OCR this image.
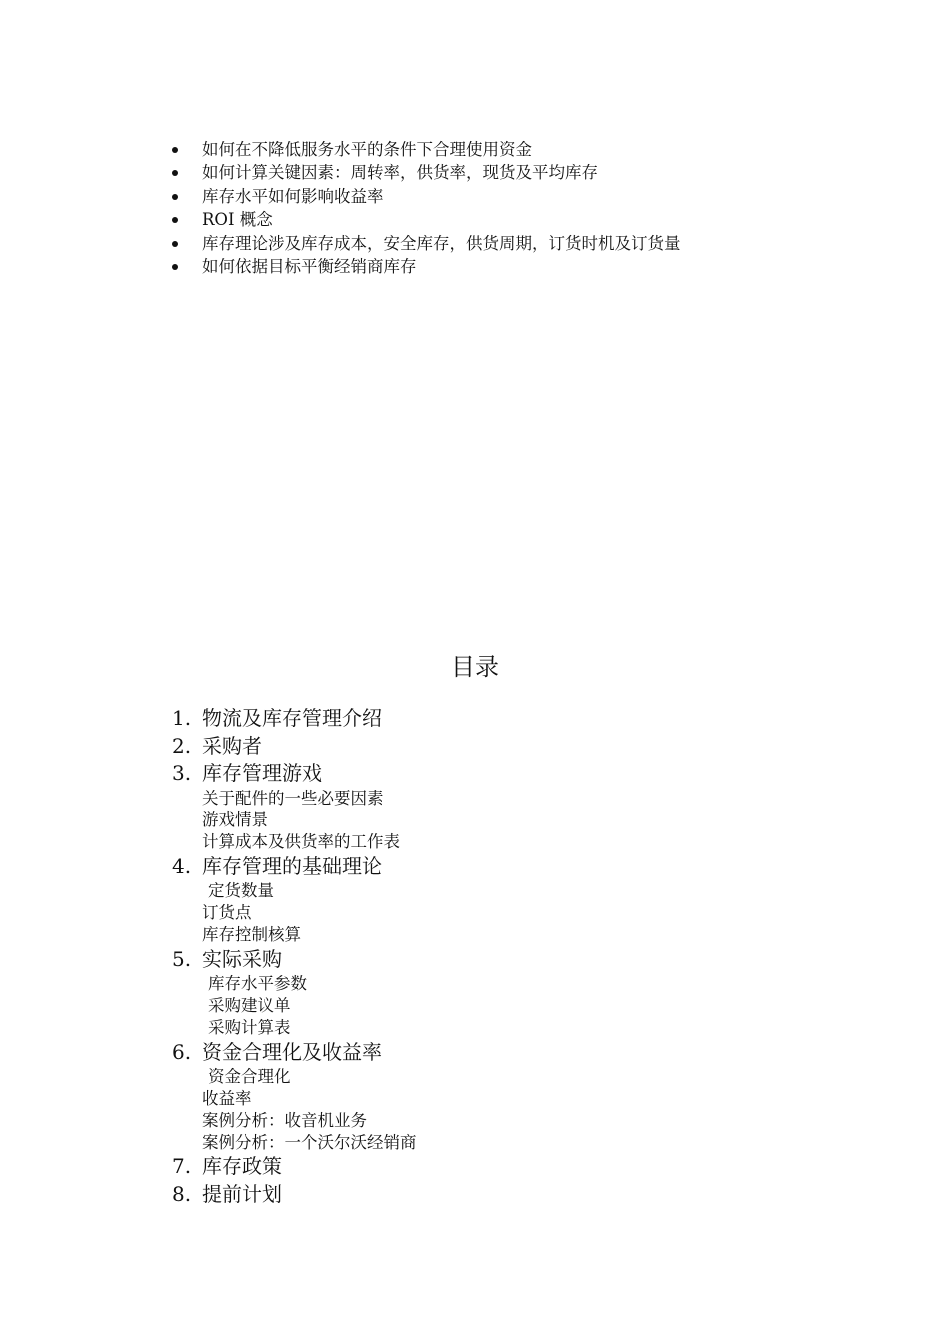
如何在不降低服务水平的条件下合理使用资金
如何计算关键因素：周转率，供货率，现货及平均库存
库存水平如何影响收益率
ROI 概念
库存理论涉及库存成本，安全库存，供货周期，订货时机及订货量
如何依据目标平衡经销商库存
目录
1. 物流及库存管理介绍
2. 采购者
3. 库存管理游戏
关于配件的一些必要因素
游戏情景
计算成本及供货率的工作表
4. 库存管理的基础理论
定货数量
订货点
库存控制核算
5. 实际采购
库存水平参数
采购建议单
采购计算表
6. 资金合理化及收益率
资金合理化
收益率
案例分析：收音机业务
案例分析：一个沃尔沃经销商
7. 库存政策
8. 提前计划
